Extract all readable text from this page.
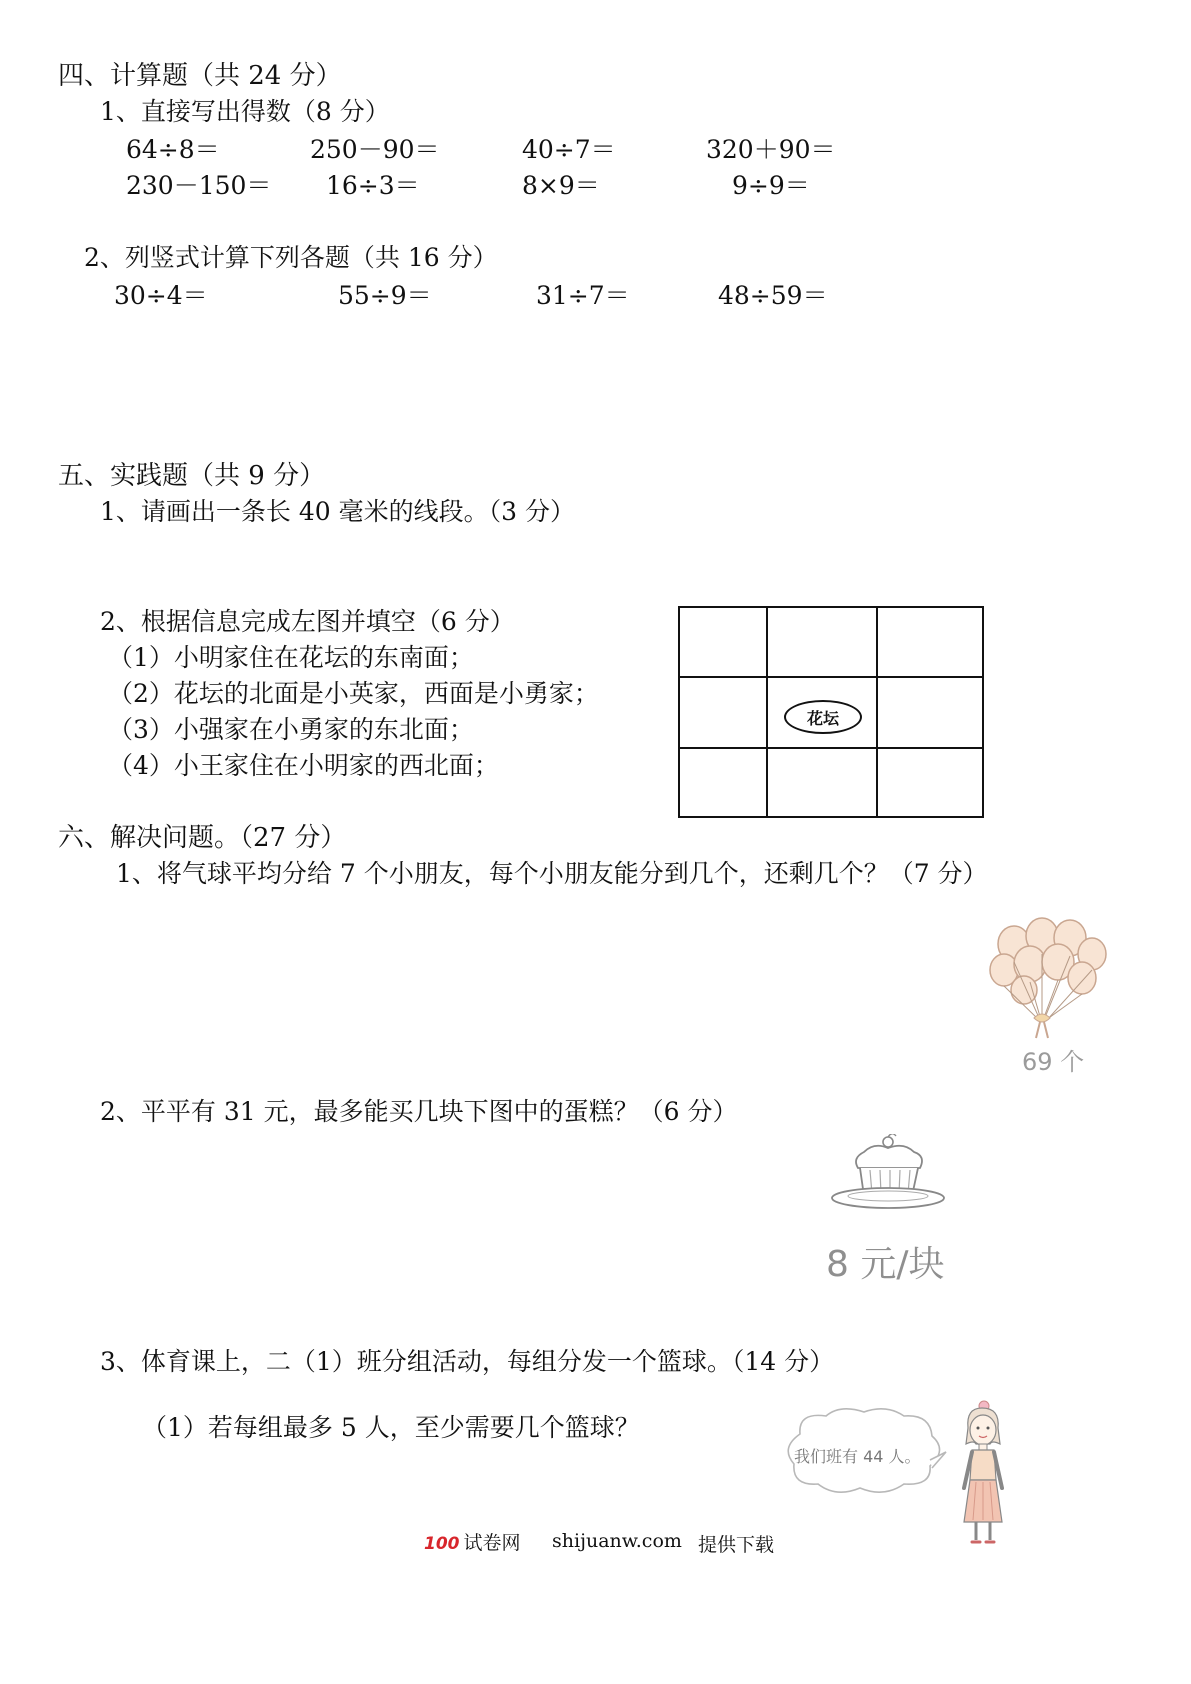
四、计算题（共 24 分）
1、直接写出得数（8 分）
64÷8＝	250－90＝	40÷7＝	320＋90＝
230－150＝ 16÷3＝	8×9＝	9÷9＝
2、列竖式计算下列各题（共 16 分）
30÷4＝	55÷9＝	31÷7＝	48÷59＝
五、实践题（共 9 分）
1、请画出一条长 40 毫米的线段。（3 分）
2、根据信息完成左图并填空（6 分）
（1）小明家住在花坛的东南面；
（2）花坛的北面是小英家，西面是小勇家；
（3）小强家在小勇家的东北面；
（4）小王家住在小明家的西北面；
花坛
六、解决问题。（27 分）
1、将气球平均分给 7 个小朋友，每个小朋友能分到几个，还剩几个？（7 分）
69 个
2、平平有 31 元，最多能买几块下图中的蛋糕？（6 分）
8 元/块
3、体育课上，二（1）班分组活动，每组分发一个篮球。（14 分）
（1）若每组最多 5 人，至少需要几个篮球？
我们班有 44 人。
100 试卷网 shijuanw.com 提供下载
